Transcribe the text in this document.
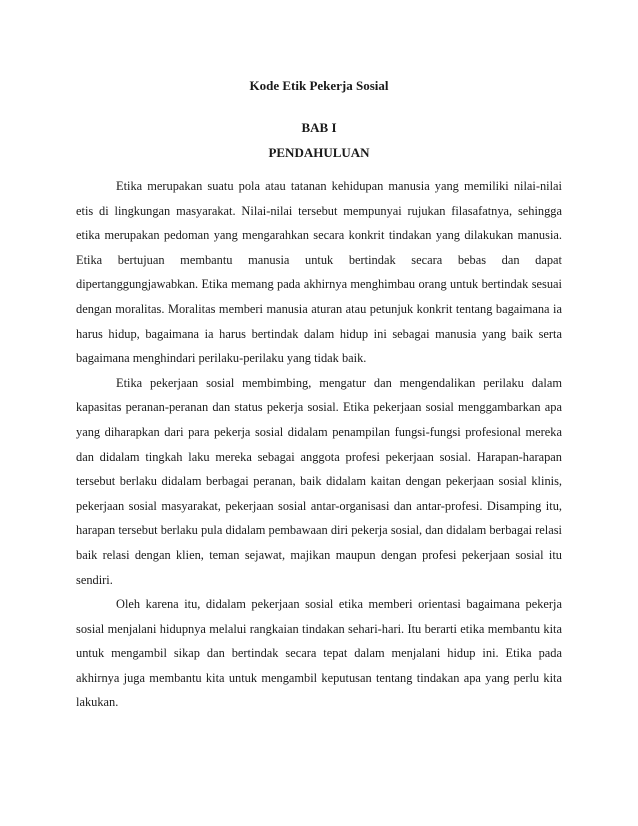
Kode Etik Pekerja Sosial
BAB I
PENDAHULUAN

Etika merupakan suatu pola atau tatanan kehidupan manusia yang memiliki nilai-nilai etis di lingkungan masyarakat. Nilai-nilai tersebut mempunyai rujukan filasafatnya, sehingga etika merupakan pedoman yang mengarahkan secara konkrit tindakan yang dilakukan manusia. Etika bertujuan membantu manusia untuk bertindak secara bebas dan dapat dipertanggungjawabkan. Etika memang pada akhirnya menghimbau orang untuk bertindak sesuai dengan moralitas. Moralitas memberi manusia aturan atau petunjuk konkrit tentang bagaimana ia harus hidup, bagaimana ia harus bertindak dalam hidup ini sebagai manusia yang baik serta bagaimana menghindari perilaku-perilaku yang tidak baik.

Etika pekerjaan sosial membimbing, mengatur dan mengendalikan perilaku dalam kapasitas peranan-peranan dan status pekerja sosial. Etika pekerjaan sosial menggambarkan apa yang diharapkan dari para pekerja sosial didalam penampilan fungsi-fungsi profesional mereka dan didalam tingkah laku mereka sebagai anggota profesi pekerjaan sosial. Harapan-harapan tersebut berlaku didalam berbagai peranan, baik didalam kaitan dengan pekerjaan sosial klinis, pekerjaan sosial masyarakat, pekerjaan sosial antar-organisasi dan antar-profesi. Disamping itu, harapan tersebut berlaku pula didalam pembawaan diri pekerja sosial, dan didalam berbagai relasi baik relasi dengan klien, teman sejawat, majikan maupun dengan profesi pekerjaan sosial itu sendiri.

Oleh karena itu, didalam pekerjaan sosial etika memberi orientasi bagaimana pekerja sosial menjalani hidupnya melalui rangkaian tindakan sehari-hari. Itu berarti etika membantu kita untuk mengambil sikap dan bertindak secara tepat dalam menjalani hidup ini. Etika pada akhirnya juga membantu kita untuk mengambil keputusan tentang tindakan apa yang perlu kita lakukan.
